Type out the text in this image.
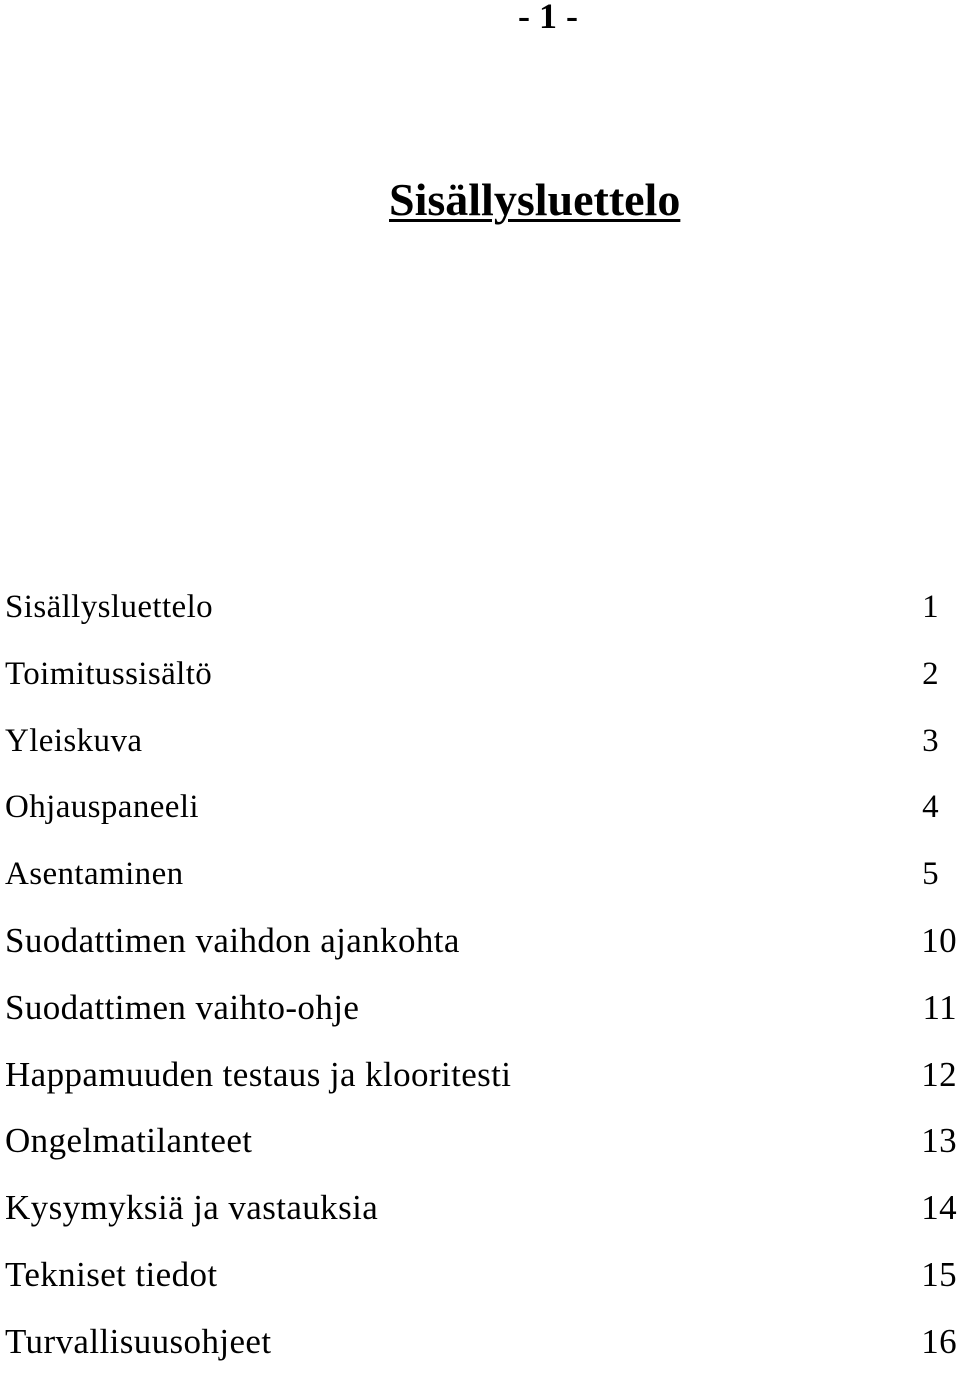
- 1 -
Sisällysluettelo
Sisällysluettelo	1
Toimitussisältö	2
Yleiskuva	3
Ohjauspaneeli	4
Asentaminen	5
Suodattimen vaihdon ajankohta	10
Suodattimen vaihto-ohje	11
Happamuuden testaus ja klooritesti	12
Ongelmatilanteet	13
Kysymyksiä ja vastauksia	14
Tekniset tiedot	15
Turvallisuusohjeet	16
